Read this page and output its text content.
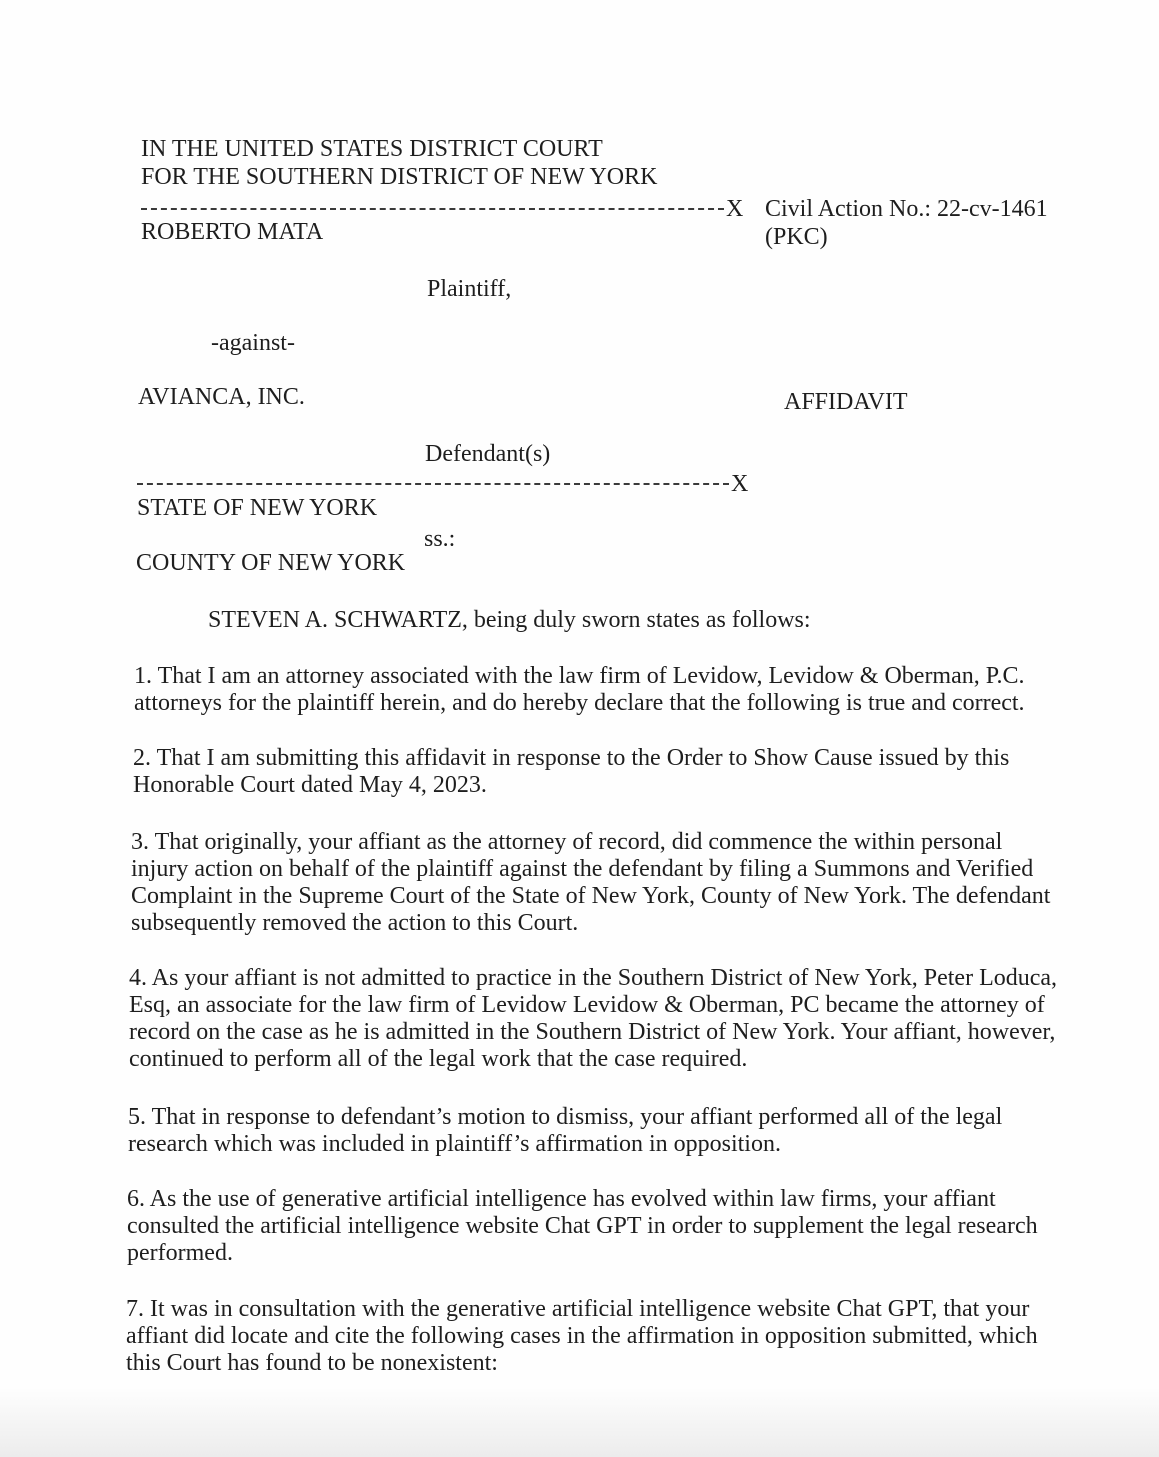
IN THE UNITED STATES DISTRICT COURT
FOR THE SOUTHERN DISTRICT OF NEW YORK
X Civil Action No.: 22-cv-1461
(PKC)
ROBERTO MATA
Plaintiff,
-against-
AVIANCA, INC.	AFFIDAVIT
Defendant(s)
X
STATE OF NEW YORK
ss.:
COUNTY OF NEW YORK
STEVEN A. SCHWARTZ, being duly sworn states as follows:
1. That I am an attorney associated with the law firm of Levidow, Levidow & Oberman, P.C.
attorneys for the plaintiff herein, and do hereby declare that the following is true and correct.
2. That I am submitting this affidavit in response to the Order to Show Cause issued by this
Honorable Court dated May 4, 2023.
3. That originally, your affiant as the attorney of record, did commence the within personal
injury action on behalf of the plaintiff against the defendant by filing a Summons and Verified
Complaint in the Supreme Court of the State of New York, County of New York. The defendant
subsequently removed the action to this Court.
4. As your affiant is not admitted to practice in the Southern District of New York, Peter Loduca,
Esq, an associate for the law firm of Levidow Levidow & Oberman, PC became the attorney of
record on the case as he is admitted in the Southern District of New York. Your affiant, however,
continued to perform all of the legal work that the case required.
5. That in response to defendant’s motion to dismiss, your affiant performed all of the legal
research which was included in plaintiff’s affirmation in opposition.
6. As the use of generative artificial intelligence has evolved within law firms, your affiant
consulted the artificial intelligence website Chat GPT in order to supplement the legal research
performed.
7. It was in consultation with the generative artificial intelligence website Chat GPT, that your
affiant did locate and cite the following cases in the affirmation in opposition submitted, which
this Court has found to be nonexistent:
